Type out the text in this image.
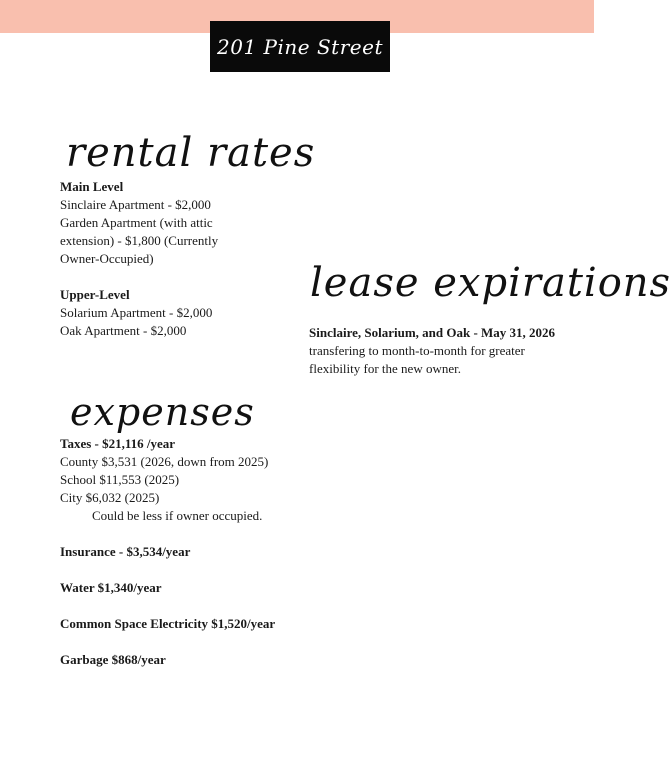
201 Pine Street
rental rates

Main Level

Sinclaire Apartment - $2,000

Garden Apartment (with attic

extension) - $1,800 (Currently

Owner-Occupied)

Upper-Level

Solarium Apartment - $2,000

Oak Apartment - $2,000

lease expirations

Sinclaire, Solarium, and Oak - May 31, 2026

transfering to month-to-month for greater

flexibility for the new owner.

expenses

Taxes - $21,116 /year

County $3,531 (2026, down from 2025)

School $11,553 (2025)

City $6,032 (2025)

Could be less if owner occupied.

Insurance - $3,534/year

Water $1,340/year

Common Space Electricity $1,520/year

Garbage $868/year
